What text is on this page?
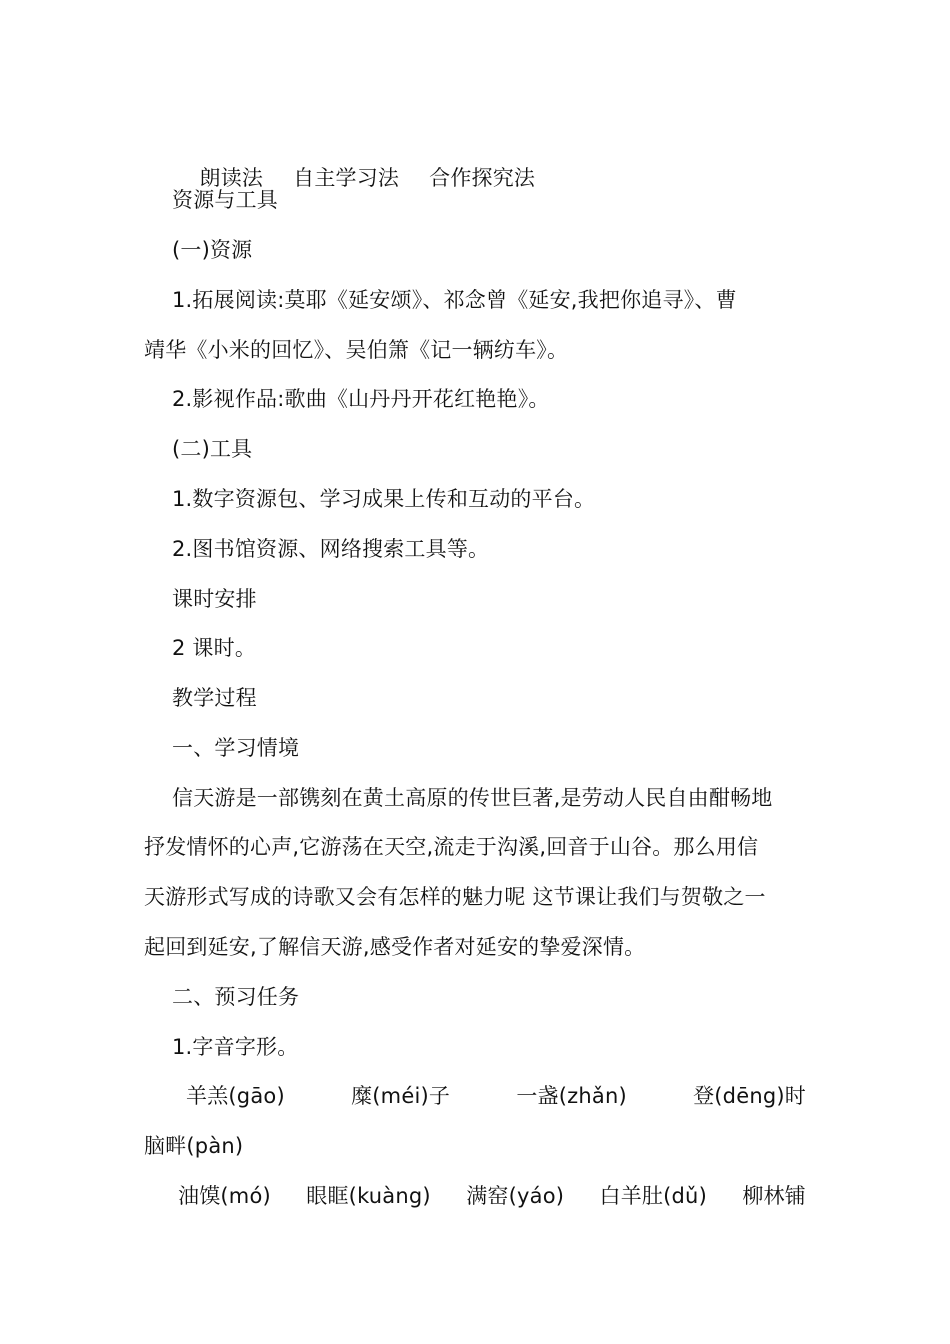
朗读法 自主学习法 合作探究法

资源与工具
(一)资源
1.拓展阅读:莫耶《延安颂》、祁念曾《延安,我把你追寻》、曹
靖华《小米的回忆》、吴伯箫《记一辆纺车》。
2.影视作品:歌曲《山丹丹开花红艳艳》。
(二)工具
1.数字资源包、学习成果上传和互动的平台。
2.图书馆资源、网络搜索工具等。
课时安排
2 课时。
教学过程
一、学习情境
信天游是一部镌刻在黄土高原的传世巨著,是劳动人民自由酣畅地
抒发情怀的心声,它游荡在天空,流走于沟溪,回音于山谷。那么用信
天游形式写成的诗歌又会有怎样的魅力呢 这节课让我们与贺敬之一
起回到延安,了解信天游,感受作者对延安的挚爱深情。
二、预习任务
1.字音字形。
羊羔(gāo)	糜(méi)子	一盏(zhǎn)	登(dēng)时
脑畔(pàn)
油馍(mó) 眼眶(kuàng) 满窑(yáo) 白羊肚(dǔ) 柳林铺
